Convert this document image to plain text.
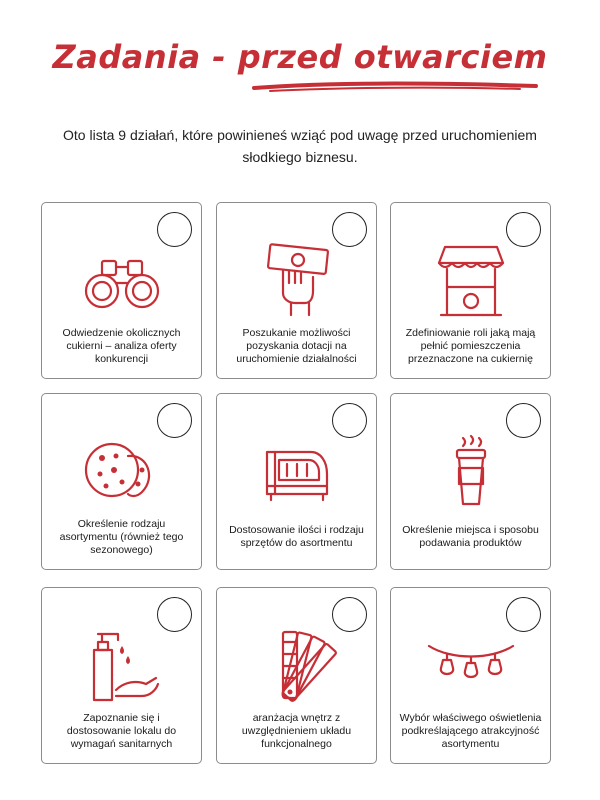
Zadania - przed otwarciem
Oto lista 9 działań, które powinieneś wziąć pod uwagę przed uruchomieniem słodkiego biznesu.
Odwiedzenie okolicznych cukierni – analiza oferty konkurencji
Poszukanie możliwości pozyskania dotacji na uruchomienie działalności
Zdefiniowanie roli jaką mają pełnić pomieszczenia przeznaczone na cukiernię
Określenie rodzaju asortymentu (również tego sezonowego)
Dostosowanie ilości i rodzaju sprzętów do asortmentu
Określenie miejsca i sposobu podawania produktów
Zapoznanie się i dostosowanie lokalu do wymagań sanitarnych
aranżacja wnętrz z uwzględnieniem układu funkcjonalnego
Wybór właściwego oświetlenia podkreślającego atrakcyjność asortymentu
